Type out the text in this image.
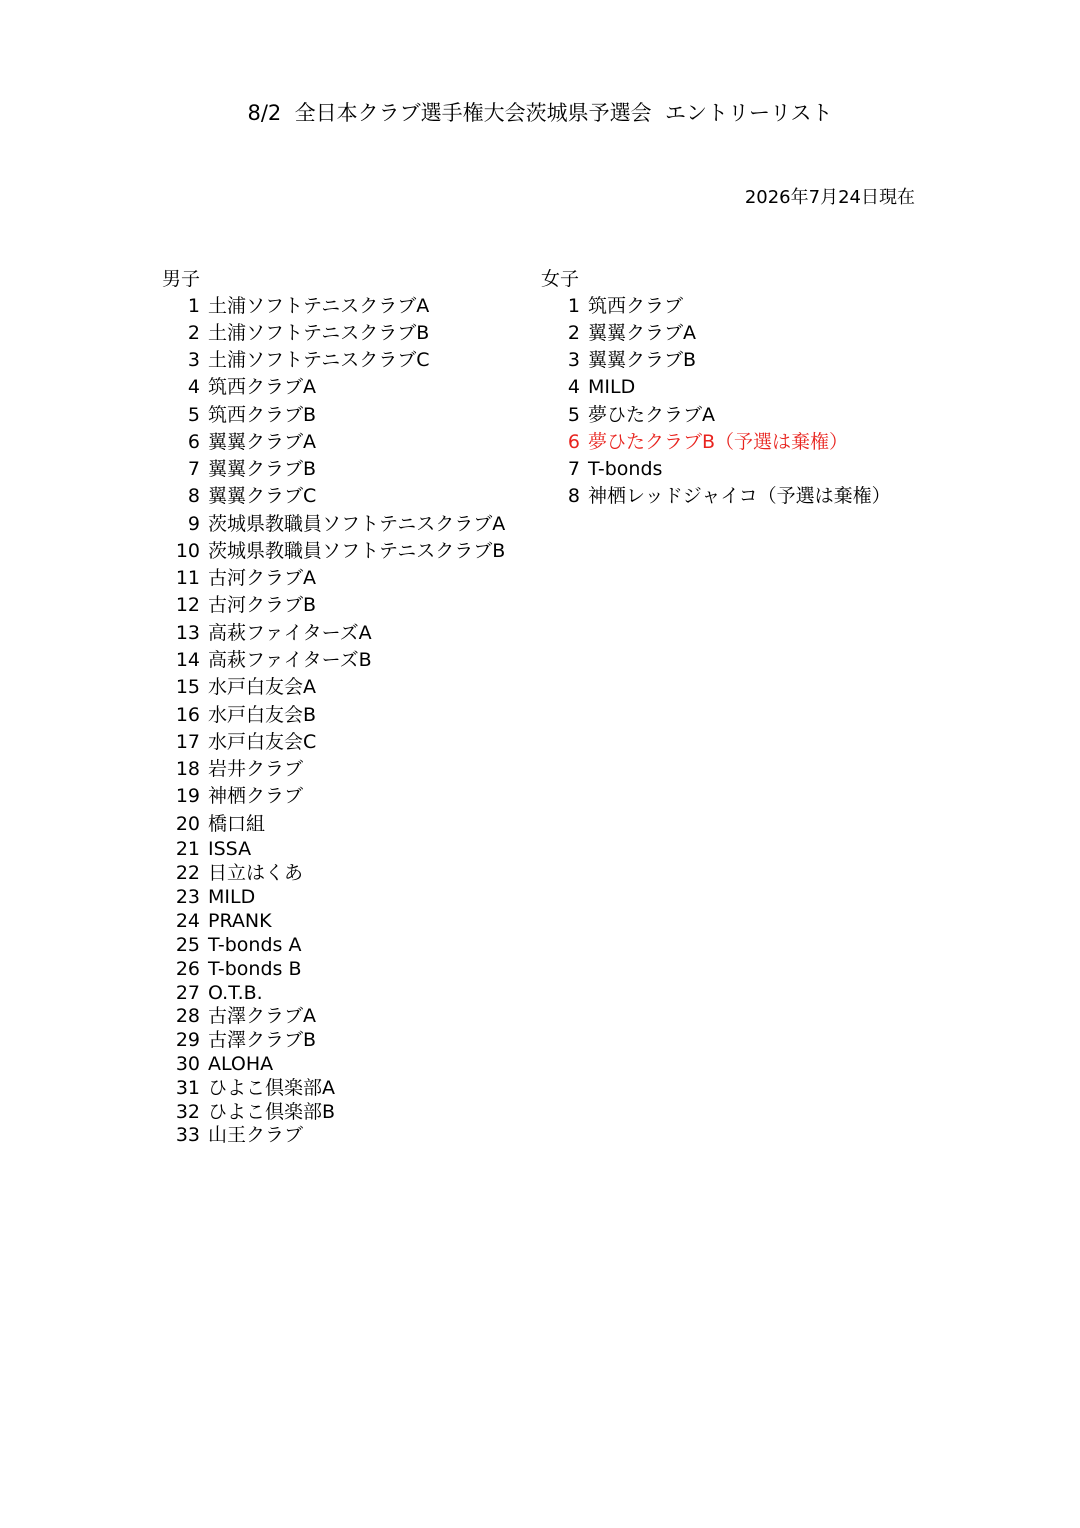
8/2  全日本クラブ選手権大会茨城県予選会  エントリーリスト
2026年7月24日現在
男子	女子
1 土浦ソフトテニスクラブA
2 土浦ソフトテニスクラブB
3 土浦ソフトテニスクラブC
4 筑西クラブA
5 筑西クラブB
6 翼翼クラブA
7 翼翼クラブB
8 翼翼クラブC
9 茨城県教職員ソフトテニスクラブA
10 茨城県教職員ソフトテニスクラブB
11 古河クラブA
12 古河クラブB
13 高萩ファイターズA
14 高萩ファイターズB
15 水戸白友会A
16 水戸白友会B
17 水戸白友会C
18 岩井クラブ
19 神栖クラブ
20 橋口組
21 ISSA
22 日立はくあ
23 MILD
24 PRANK
25 T-bonds A
26 T-bonds B
27 O.T.B.
28 古澤クラブA
29 古澤クラブB
30 ALOHA
31 ひよこ倶楽部A
32 ひよこ倶楽部B
33 山王クラブ
1 筑西クラブ
2 翼翼クラブA
3 翼翼クラブB
4 MILD
5 夢ひたクラブA
6 夢ひたクラブB（予選は棄権）
7 T-bonds
8 神栖レッドジャイコ（予選は棄権）
